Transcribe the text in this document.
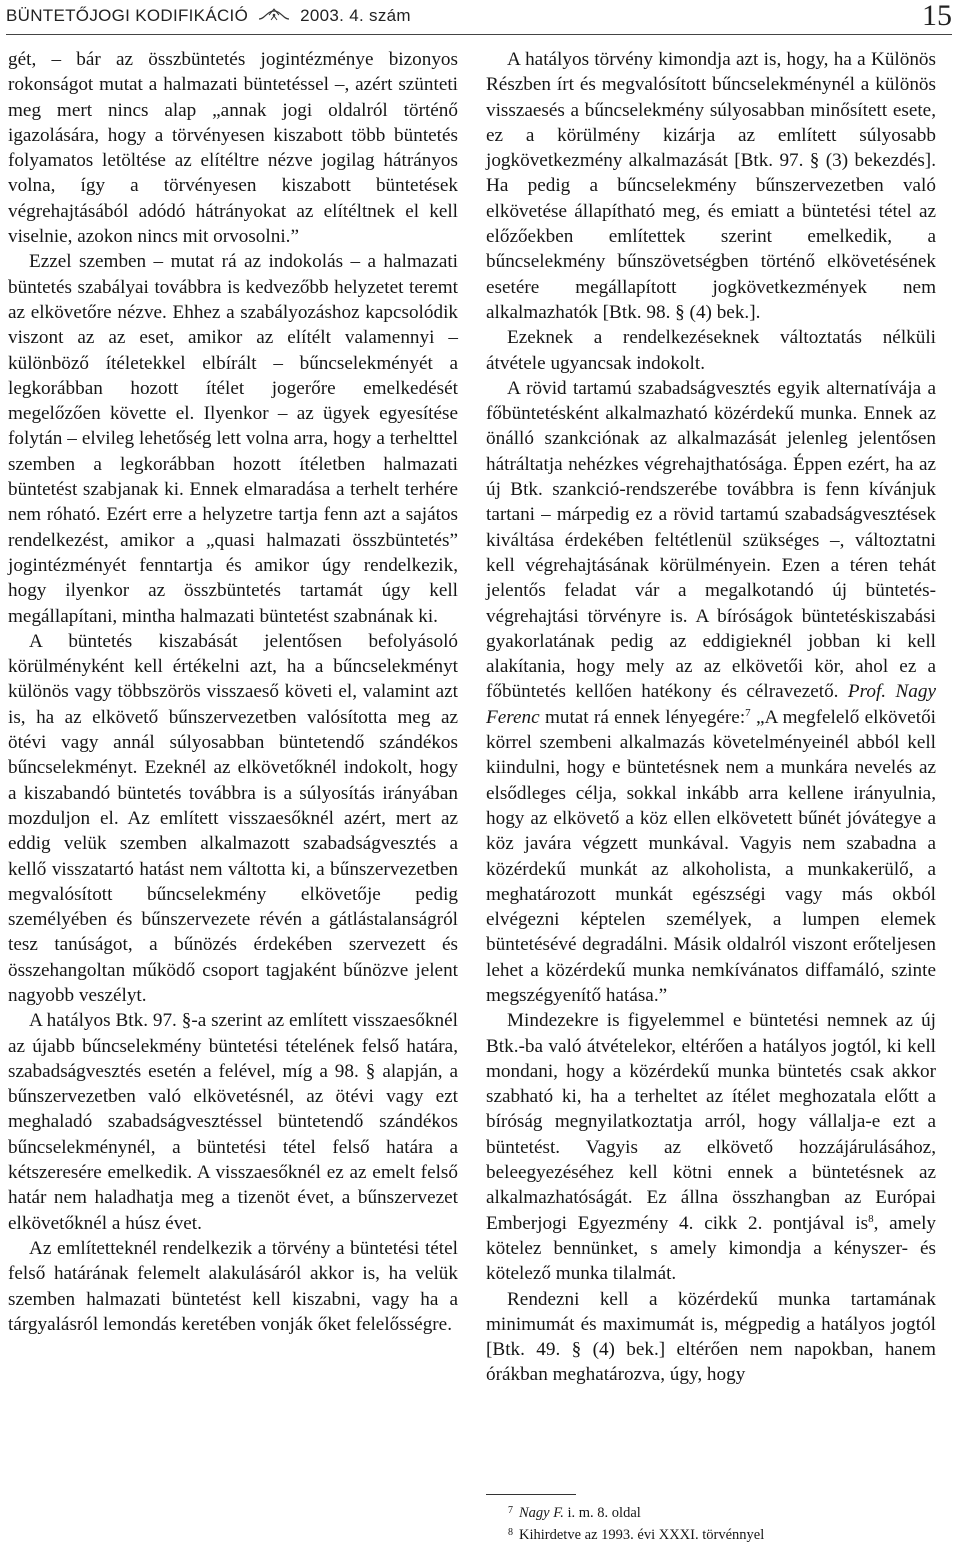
BÜNTETŐJOGI KODIFIKÁCIÓ	2003. 4. szám	15

gét, – bár az összbüntetés jogintézménye bizonyos rokonságot mutat a halmazati büntetéssel –, azért szünteti meg mert nincs alap „annak jogi oldalról történő igazolására, hogy a törvényesen kiszabott több büntetés folyamatos letöltése az elítéltre nézve jogilag hátrányos volna, így a törvényesen kiszabott büntetések végrehajtásából adódó hátrányokat az elítéltnek el kell viselnie, azokon nincs mit orvosolni.”

Ezzel szemben – mutat rá az indokolás – a halmazati büntetés szabályai továbbra is kedvezőbb helyzetet teremt az elkövetőre nézve. Ehhez a szabályozáshoz kapcsolódik viszont az az eset, amikor az elítélt valamennyi – különböző ítéletekkel elbírált – bűncselekményét a legkorábban hozott ítélet jogerőre emelkedését megelőzően követte el. Ilyenkor – az ügyek egyesítése folytán – elvileg lehetőség lett volna arra, hogy a terhelttel szemben a legkorábban hozott ítéletben halmazati büntetést szabjanak ki. Ennek elmaradása a terhelt terhére nem róható. Ezért erre a helyzetre tartja fenn azt a sajátos rendelkezést, amikor a „quasi halmazati összbüntetés” jogintézményét fenntartja és amikor úgy rendelkezik, hogy ilyenkor az összbüntetés tartamát úgy kell megállapítani, mintha halmazati büntetést szabnának ki.

A büntetés kiszabását jelentősen befolyásoló körülményként kell értékelni azt, ha a bűncselekményt különös vagy többszörös visszaeső követi el, valamint azt is, ha az elkövető bűnszervezetben valósította meg az ötévi vagy annál súlyosabban büntetendő szándékos bűncselekményt. Ezeknél az elkövetőknél indokolt, hogy a kiszabandó büntetés továbbra is a súlyosítás irányában mozduljon el. Az említett visszaesőknél azért, mert az eddig velük szemben alkalmazott szabadságvesztés a kellő visszatartó hatást nem váltotta ki, a bűnszervezetben megvalósított bűncselekmény elkövetője pedig személyében és bűnszervezete révén a gátlástalanságról tesz tanúságot, a bűnözés érdekében szervezett és összehangoltan működő csoport tagjaként bűnözve jelent nagyobb veszélyt.

A hatályos Btk. 97. §-a szerint az említett visszaesőknél az újabb bűncselekmény büntetési tételének felső határa, szabadságvesztés esetén a felével, míg a 98. § alapján, a bűnszervezetben való elkövetésnél, az ötévi vagy ezt meghaladó szabadságvesztéssel büntetendő szándékos bűncselekménynél, a büntetési tétel felső határa a kétszeresére emelkedik. A visszaesőknél ez az emelt felső határ nem haladhatja meg a tizenöt évet, a bűnszervezet elkövetőknél a húsz évet.

Az említetteknél rendelkezik a törvény a büntetési tétel felső határának felemelt alakulásáról akkor is, ha velük szemben halmazati büntetést kell kiszabni, vagy ha a tárgyalásról lemondás keretében vonják őket felelősségre.

A hatályos törvény kimondja azt is, hogy, ha a Különös Részben írt és megvalósított bűncselekménynél a különös visszaesés a bűncselekmény súlyosabban minősített esete, ez a körülmény kizárja az említett súlyosabb jogkövetkezmény alkalmazását [Btk. 97. § (3) bekezdés]. Ha pedig a bűncselekmény bűnszervezetben való elkövetése állapítható meg, és emiatt a büntetési tétel az előzőekben említettek szerint emelkedik, a bűncselekmény bűnszövetségben történő elkövetésének esetére megállapított jogkövetkezmények nem alkalmazhatók [Btk. 98. § (4) bek.].

Ezeknek a rendelkezéseknek változtatás nélküli átvétele ugyancsak indokolt.

A rövid tartamú szabadságvesztés egyik alternatívája a főbüntetésként alkalmazható közérdekű munka. Ennek az önálló szankciónak az alkalmazását jelenleg jelentősen hátráltatja nehézkes végrehajthatósága. Éppen ezért, ha az új Btk. szankció-rendszerébe továbbra is fenn kívánjuk tartani – márpedig ez a rövid tartamú szabadságvesztések kiváltása érdekében feltétlenül szükséges –, változtatni kell végrehajtásának körülményein. Ezen a téren tehát jelentős feladat vár a megalkotandó új büntetés-végrehajtási törvényre is. A bíróságok büntetéskiszabási gyakorlatának pedig az eddigieknél jobban ki kell alakítania, hogy mely az az elkövetői kör, ahol ez a főbüntetés kellően hatékony és célravezető. Prof. Nagy Ferenc mutat rá ennek lényegére:$^7$ „A megfelelő elkövetői körrel szembeni alkalmazás követelményeinél abból kell kiindulni, hogy e büntetésnek nem a munkára nevelés az elsődleges célja, sokkal inkább arra kellene irányulnia, hogy az elkövető a köz ellen elkövetett bűnét jóvátegye a köz javára végzett munkával. Vagyis nem szabadna a közérdekű munkát az alkoholista, a munkakerülő, a meghatározott munkát egészségi vagy más okból elvégezni képtelen személyek, a lumpen elemek büntetésévé degradálni. Másik oldalról viszont erőteljesen lehet a közérdekű munka nemkívánatos diffamáló, szinte megszégyenítő hatása.”

Mindezekre is figyelemmel e büntetési nemnek az új Btk.-ba való átvételekor, eltérően a hatályos jogtól, ki kell mondani, hogy a közérdekű munka büntetés csak akkor szabható ki, ha a terheltet az ítélet meghozatala előtt a bíróság megnyilatkoztatja arról, hogy vállalja-e ezt a büntetést. Vagyis az elkövető hozzájárulásához, beleegyezéséhez kell kötni ennek a büntetésnek az alkalmazhatóságát. Ez állna összhangban az Európai Emberjogi Egyezmény 4. cikk 2. pontjával is$^8$, amely kötelez bennünket, s amely kimondja a kényszer- és kötelező munka tilalmát.

Rendezni kell a közérdekű munka tartamának minimumát és maximumát is, mégpedig a hatályos jogtól [Btk. 49. § (4) bek.] eltérően nem napokban, hanem órákban meghatározva, úgy, hogy

$^7$ Nagy F. i. m. 8. oldal
$^8$ Kihirdetve az 1993. évi XXXI. törvénnyel
